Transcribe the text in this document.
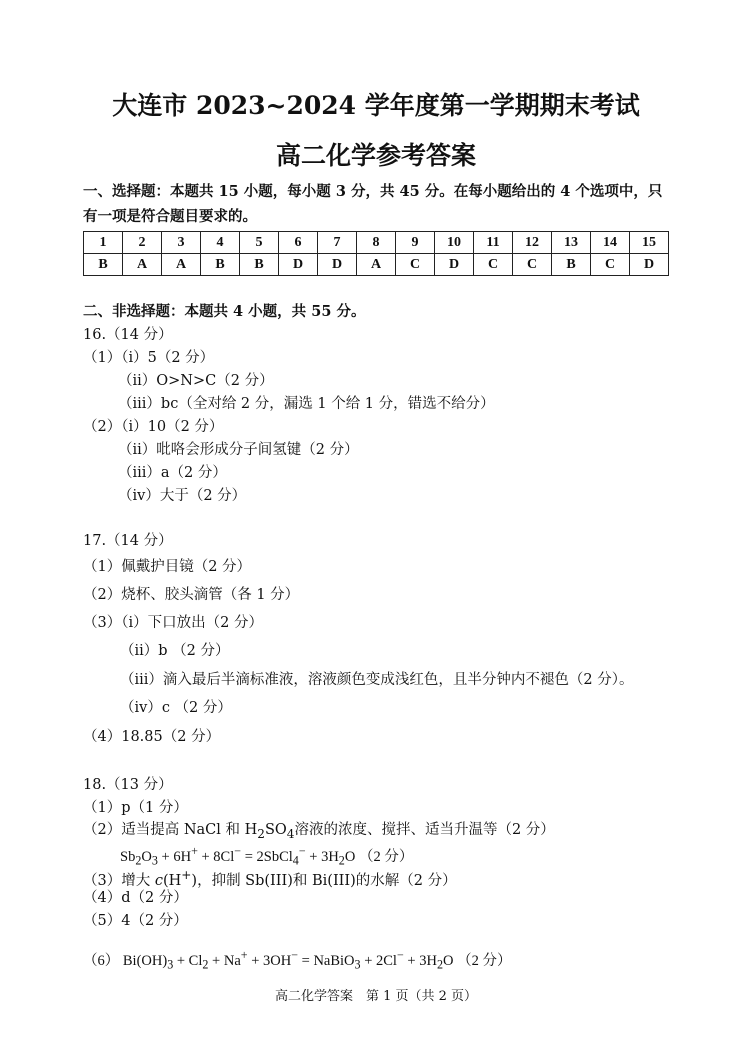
大连市 2023~2024 学年度第一学期期末考试
高二化学参考答案
一、选择题：本题共 15 小题，每小题 3 分，共 45 分。在每小题给出的 4 个选项中，只
有一项是符合题目要求的。
1	2	3	4	5	6	7	8	9	10	11	12	13	14	15
B	A	A	B	B	D	D	A	C	D	C	C	B	C	D
二、非选择题：本题共 4 小题，共 55 分。
16.（14 分）
（1）（i）5（2 分）
（ii）O>N>C（2 分）
（iii）bc（全对给 2 分，漏选 1 个给 1 分，错选不给分）
（2）（i）10（2 分）
（ii）吡咯会形成分子间氢键（2 分）
（iii）a（2 分）
（iv）大于（2 分）
17.（14 分）
（1）佩戴护目镜（2 分）
（2）烧杯、胶头滴管（各 1 分）
（3）（i）下口放出（2 分）
（ii）b （2 分）
（iii）滴入最后半滴标准液，溶液颜色变成浅红色，且半分钟内不褪色（2 分）。
（iv）c （2 分）
（4）18.85（2 分）
18.（13 分）
（1）p（1 分）
（2）适当提高 NaCl 和 $H_2SO_4$溶液的浓度、搅拌、适当升温等（2 分）
$Sb_2O_3 + 6H^+ + 8Cl^-$ = 2SbCl$_4$− + $3H_2O$ （2 分）
（3）增大 c(H+)，抑制 Sb(III)和 Bi(III)的水解（2 分）
（4）d（2 分）
（5）4（2 分）
（6） $Bi(OH)_3 + Cl_2 + Na^+ + 3OH^-$ = NaBiO$_3$ + $2Cl^- + 3H_2O$ （2 分）
高二化学答案　第 1 页（共 2 页）
